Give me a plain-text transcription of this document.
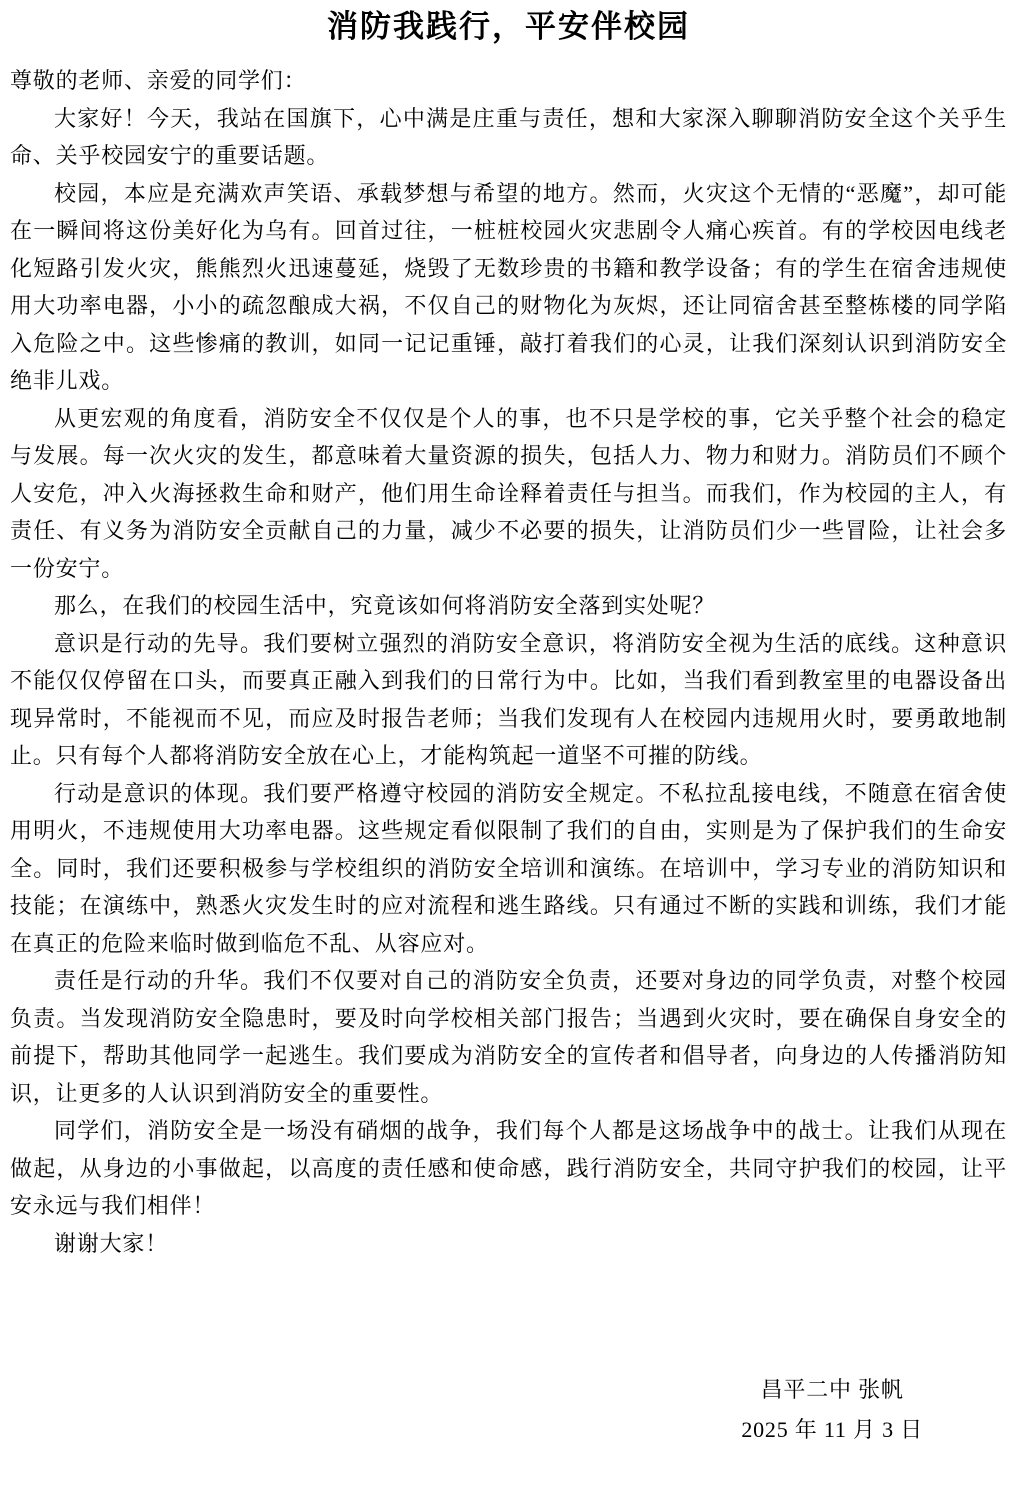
消防我践行，平安伴校园

尊敬的老师、亲爱的同学们：

大家好！今天，我站在国旗下，心中满是庄重与责任，想和大家深入聊聊消防安全这个关乎生命、关乎校园安宁的重要话题。

校园，本应是充满欢声笑语、承载梦想与希望的地方。然而，火灾这个无情的“恶魔”，却可能在一瞬间将这份美好化为乌有。回首过往，一桩桩校园火灾悲剧令人痛心疾首。有的学校因电线老化短路引发火灾，熊熊烈火迅速蔓延，烧毁了无数珍贵的书籍和教学设备；有的学生在宿舍违规使用大功率电器，小小的疏忽酿成大祸，不仅自己的财物化为灰烬，还让同宿舍甚至整栋楼的同学陷入危险之中。这些惨痛的教训，如同一记记重锤，敲打着我们的心灵，让我们深刻认识到消防安全绝非儿戏。

从更宏观的角度看，消防安全不仅仅是个人的事，也不只是学校的事，它关乎整个社会的稳定与发展。每一次火灾的发生，都意味着大量资源的损失，包括人力、物力和财力。消防员们不顾个人安危，冲入火海拯救生命和财产，他们用生命诠释着责任与担当。而我们，作为校园的主人，有责任、有义务为消防安全贡献自己的力量，减少不必要的损失，让消防员们少一些冒险，让社会多一份安宁。

那么，在我们的校园生活中，究竟该如何将消防安全落到实处呢？

意识是行动的先导。我们要树立强烈的消防安全意识，将消防安全视为生活的底线。这种意识不能仅仅停留在口头，而要真正融入到我们的日常行为中。比如，当我们看到教室里的电器设备出现异常时，不能视而不见，而应及时报告老师；当我们发现有人在校园内违规用火时，要勇敢地制止。只有每个人都将消防安全放在心上，才能构筑起一道坚不可摧的防线。

行动是意识的体现。我们要严格遵守校园的消防安全规定。不私拉乱接电线，不随意在宿舍使用明火，不违规使用大功率电器。这些规定看似限制了我们的自由，实则是为了保护我们的生命安全。同时，我们还要积极参与学校组织的消防安全培训和演练。在培训中，学习专业的消防知识和技能；在演练中，熟悉火灾发生时的应对流程和逃生路线。只有通过不断的实践和训练，我们才能在真正的危险来临时做到临危不乱、从容应对。

责任是行动的升华。我们不仅要对自己的消防安全负责，还要对身边的同学负责，对整个校园负责。当发现消防安全隐患时，要及时向学校相关部门报告；当遇到火灾时，要在确保自身安全的前提下，帮助其他同学一起逃生。我们要成为消防安全的宣传者和倡导者，向身边的人传播消防知识，让更多的人认识到消防安全的重要性。

同学们，消防安全是一场没有硝烟的战争，我们每个人都是这场战争中的战士。让我们从现在做起，从身边的小事做起，以高度的责任感和使命感，践行消防安全，共同守护我们的校园，让平安永远与我们相伴！

谢谢大家！

昌平二中 张帆
2025 年 11 月 3 日
